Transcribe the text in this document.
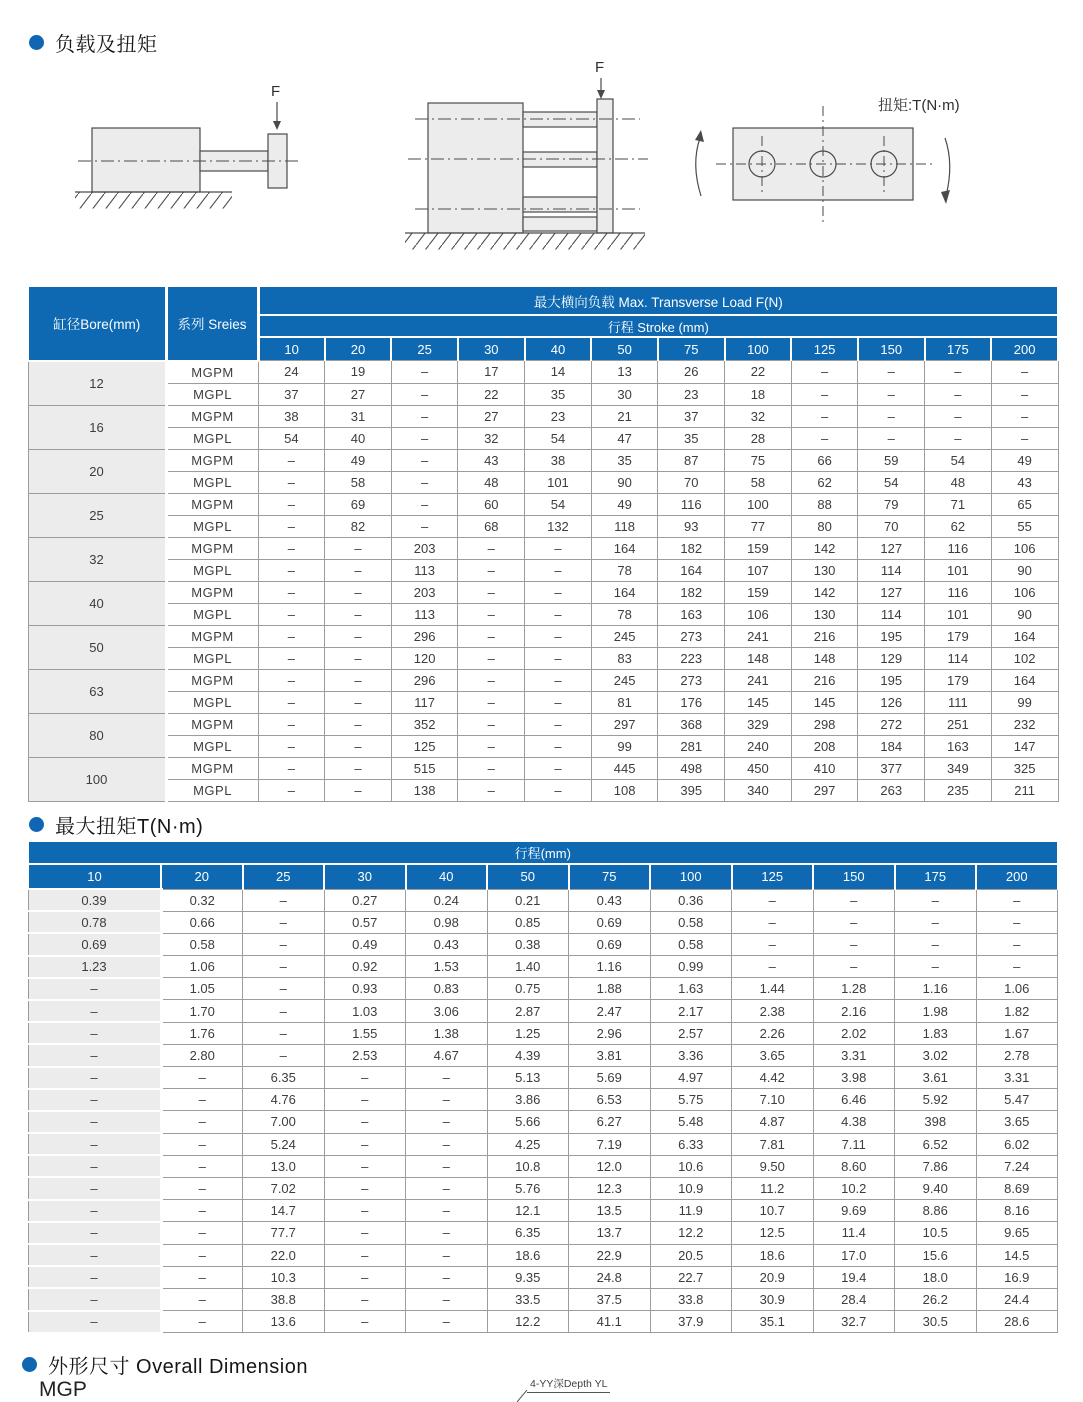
负载及扭矩
F
F
扭矩:T(N·m)
缸径Bore(mm)	系列 Sreies	最大横向负载 Max. Transverse Load F(N)											
		行程 Stroke (mm)											
		10	20	25	30	40	50	75	100	125	150	175	200
12	MGPM	24	19	–	17	14	13	26	22	–	–	–	–
	MGPL	37	27	–	22	35	30	23	18	–	–	–	–
16	MGPM	38	31	–	27	23	21	37	32	–	–	–	–
	MGPL	54	40	–	32	54	47	35	28	–	–	–	–
20	MGPM	–	49	–	43	38	35	87	75	66	59	54	49
	MGPL	–	58	–	48	101	90	70	58	62	54	48	43
25	MGPM	–	69	–	60	54	49	116	100	88	79	71	65
	MGPL	–	82	–	68	132	118	93	77	80	70	62	55
32	MGPM	–	–	203	–	–	164	182	159	142	127	116	106
	MGPL	–	–	113	–	–	78	164	107	130	114	101	90
40	MGPM	–	–	203	–	–	164	182	159	142	127	116	106
	MGPL	–	–	113	–	–	78	163	106	130	114	101	90
50	MGPM	–	–	296	–	–	245	273	241	216	195	179	164
	MGPL	–	–	120	–	–	83	223	148	148	129	114	102
63	MGPM	–	–	296	–	–	245	273	241	216	195	179	164
	MGPL	–	–	117	–	–	81	176	145	145	126	111	99
80	MGPM	–	–	352	–	–	297	368	329	298	272	251	232
	MGPL	–	–	125	–	–	99	281	240	208	184	163	147
100	MGPM	–	–	515	–	–	445	498	450	410	377	349	325
	MGPL	–	–	138	–	–	108	395	340	297	263	235	211
最大扭矩T(N·m)
行程(mm)											
10	20	25	30	40	50	75	100	125	150	175	200
0.39	0.32	–	0.27	0.24	0.21	0.43	0.36	–	–	–	–
0.78	0.66	–	0.57	0.98	0.85	0.69	0.58	–	–	–	–
0.69	0.58	–	0.49	0.43	0.38	0.69	0.58	–	–	–	–
1.23	1.06	–	0.92	1.53	1.40	1.16	0.99	–	–	–	–
–	1.05	–	0.93	0.83	0.75	1.88	1.63	1.44	1.28	1.16	1.06
–	1.70	–	1.03	3.06	2.87	2.47	2.17	2.38	2.16	1.98	1.82
–	1.76	–	1.55	1.38	1.25	2.96	2.57	2.26	2.02	1.83	1.67
–	2.80	–	2.53	4.67	4.39	3.81	3.36	3.65	3.31	3.02	2.78
–	–	6.35	–	–	5.13	5.69	4.97	4.42	3.98	3.61	3.31
–	–	4.76	–	–	3.86	6.53	5.75	7.10	6.46	5.92	5.47
–	–	7.00	–	–	5.66	6.27	5.48	4.87	4.38	398	3.65
–	–	5.24	–	–	4.25	7.19	6.33	7.81	7.11	6.52	6.02
–	–	13.0	–	–	10.8	12.0	10.6	9.50	8.60	7.86	7.24
–	–	7.02	–	–	5.76	12.3	10.9	11.2	10.2	9.40	8.69
–	–	14.7	–	–	12.1	13.5	11.9	10.7	9.69	8.86	8.16
–	–	77.7	–	–	6.35	13.7	12.2	12.5	11.4	10.5	9.65
–	–	22.0	–	–	18.6	22.9	20.5	18.6	17.0	15.6	14.5
–	–	10.3	–	–	9.35	24.8	22.7	20.9	19.4	18.0	16.9
–	–	38.8	–	–	33.5	37.5	33.8	30.9	28.4	26.2	24.4
–	–	13.6	–	–	12.2	41.1	37.9	35.1	32.7	30.5	28.6
外形尺寸 Overall Dimension
MGP	4-YY深Depth YL
